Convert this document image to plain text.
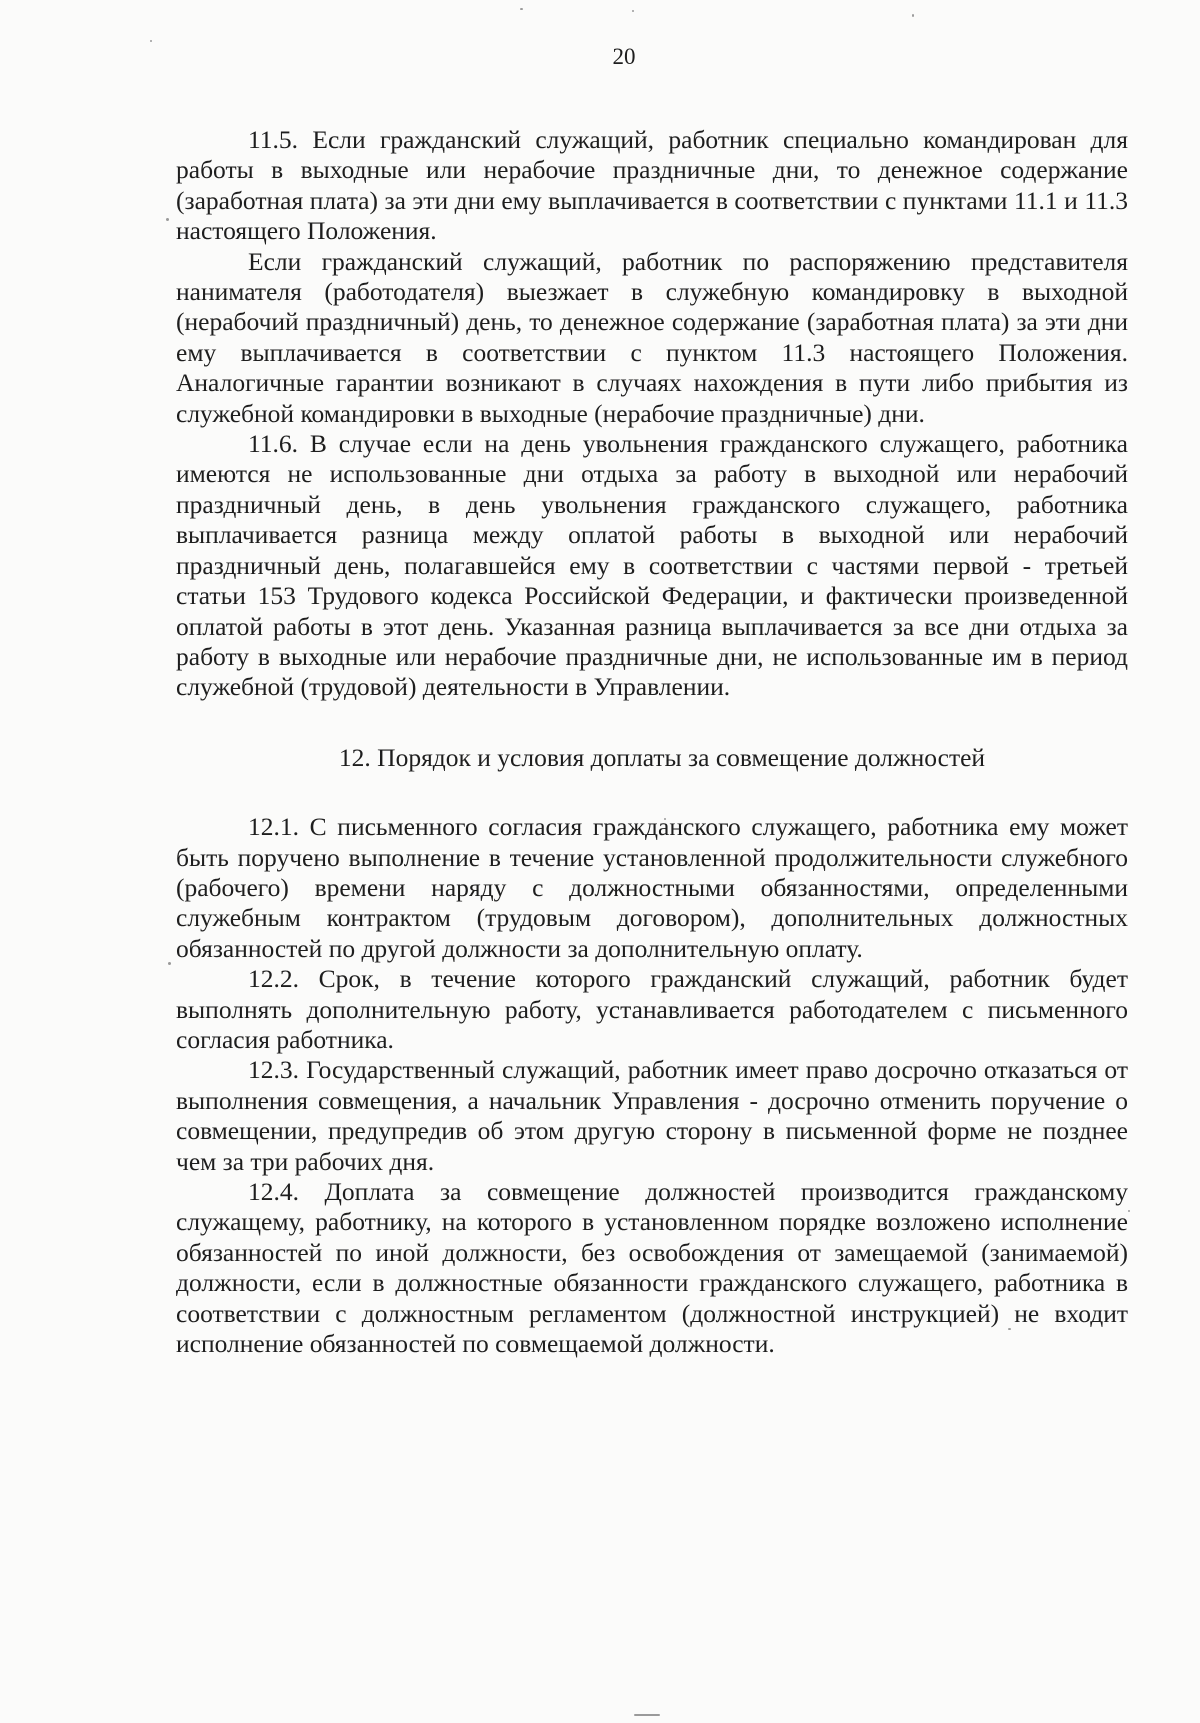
20

11.5. Если гражданский служащий, работник специально командирован для работы в выходные или нерабочие праздничные дни, то денежное содержание (заработная плата) за эти дни ему выплачивается в соответствии с пунктами 11.1 и 11.3 настоящего Положения.

Если гражданский служащий, работник по распоряжению представителя нанимателя (работодателя) выезжает в служебную командировку в выходной (нерабочий праздничный) день, то денежное содержание (заработная плата) за эти дни ему выплачивается в соответствии с пунктом 11.3 настоящего Положения. Аналогичные гарантии возникают в случаях нахождения в пути либо прибытия из служебной командировки в выходные (нерабочие праздничные) дни.

11.6. В случае если на день увольнения гражданского служащего, работника имеются не использованные дни отдыха за работу в выходной или нерабочий праздничный день, в день увольнения гражданского служащего, работника выплачивается разница между оплатой работы в выходной или нерабочий праздничный день, полагавшейся ему в соответствии с частями первой - третьей статьи 153 Трудового кодекса Российской Федерации, и фактически произведенной оплатой работы в этот день. Указанная разница выплачивается за все дни отдыха за работу в выходные или нерабочие праздничные дни, не использованные им в период служебной (трудовой) деятельности в Управлении.

12. Порядок и условия доплаты за совмещение должностей

12.1. С письменного согласия гражданского служащего, работника ему может быть поручено выполнение в течение установленной продолжительности служебного (рабочего) времени наряду с должностными обязанностями, определенными служебным контрактом (трудовым договором), дополнительных должностных обязанностей по другой должности за дополнительную оплату.

12.2. Срок, в течение которого гражданский служащий, работник будет выполнять дополнительную работу, устанавливается работодателем с письменного согласия работника.

12.3. Государственный служащий, работник имеет право досрочно отказаться от выполнения совмещения, а начальник Управления - досрочно отменить поручение о совмещении, предупредив об этом другую сторону в письменной форме не позднее чем за три рабочих дня.

12.4. Доплата за совмещение должностей производится гражданскому служащему, работнику, на которого в установленном порядке возложено исполнение обязанностей по иной должности, без освобождения от замещаемой (занимаемой) должности, если в должностные обязанности гражданского служащего, работника в соответствии с должностным регламентом (должностной инструкцией) не входит исполнение обязанностей по совмещаемой должности.
